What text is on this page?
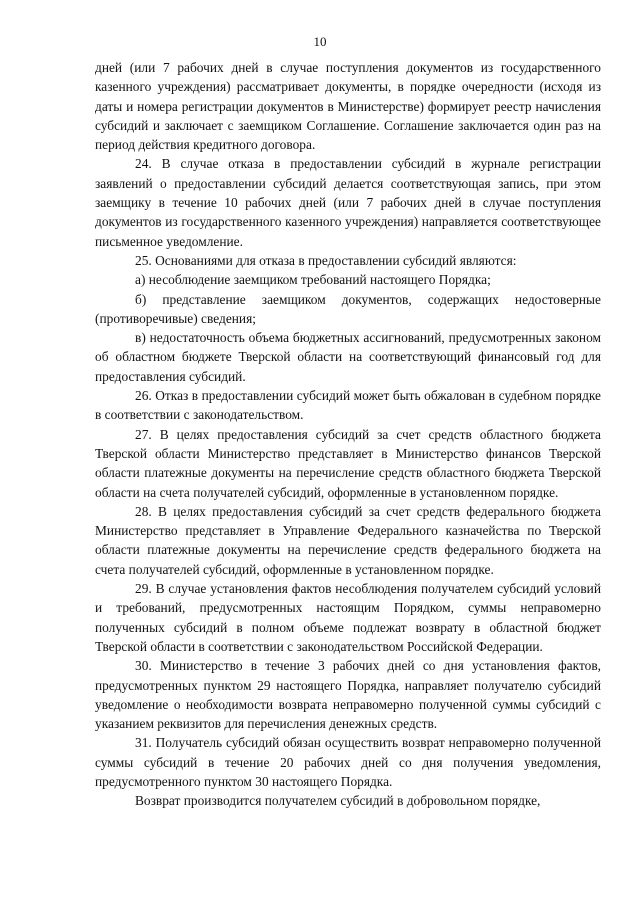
10

дней (или 7 рабочих дней в случае поступления документов из государственного казенного учреждения) рассматривает документы, в порядке очередности (исходя из даты и номера регистрации документов в Министерстве) формирует реестр начисления субсидий и заключает с заемщиком Соглашение. Соглашение заключается один раз на период действия кредитного договора.

24. В случае отказа в предоставлении субсидий в журнале регистрации заявлений о предоставлении субсидий делается соответствующая запись, при этом заемщику в течение 10 рабочих дней (или 7 рабочих дней в случае поступления документов из государственного казенного учреждения) направляется соответствующее письменное уведомление.

25. Основаниями для отказа в предоставлении субсидий являются:

а) несоблюдение заемщиком требований настоящего Порядка;

б) представление заемщиком документов, содержащих недостоверные (противоречивые) сведения;

в) недостаточность объема бюджетных ассигнований, предусмотренных законом об областном бюджете Тверской области на соответствующий финансовый год для предоставления субсидий.

26. Отказ в предоставлении субсидий может быть обжалован в судебном порядке в соответствии с законодательством.

27. В целях предоставления субсидий за счет средств областного бюджета Тверской области Министерство представляет в Министерство финансов Тверской области платежные документы на перечисление средств областного бюджета Тверской области на счета получателей субсидий, оформленные в установленном порядке.

28. В целях предоставления субсидий за счет средств федерального бюджета Министерство представляет в Управление Федерального казначейства по Тверской области платежные документы на перечисление средств федерального бюджета на счета получателей субсидий, оформленные в установленном порядке.

29. В случае установления фактов несоблюдения получателем субсидий условий и требований, предусмотренных настоящим Порядком, суммы неправомерно полученных субсидий в полном объеме подлежат возврату в областной бюджет Тверской области в соответствии с законодательством Российской Федерации.

30. Министерство в течение 3 рабочих дней со дня установления фактов, предусмотренных пунктом 29 настоящего Порядка, направляет получателю субсидий уведомление о необходимости возврата неправомерно полученной суммы субсидий с указанием реквизитов для перечисления денежных средств.

31. Получатель субсидий обязан осуществить возврат неправомерно полученной суммы субсидий в течение 20 рабочих дней со дня получения уведомления, предусмотренного пунктом 30 настоящего Порядка.

Возврат производится получателем субсидий в добровольном порядке,
